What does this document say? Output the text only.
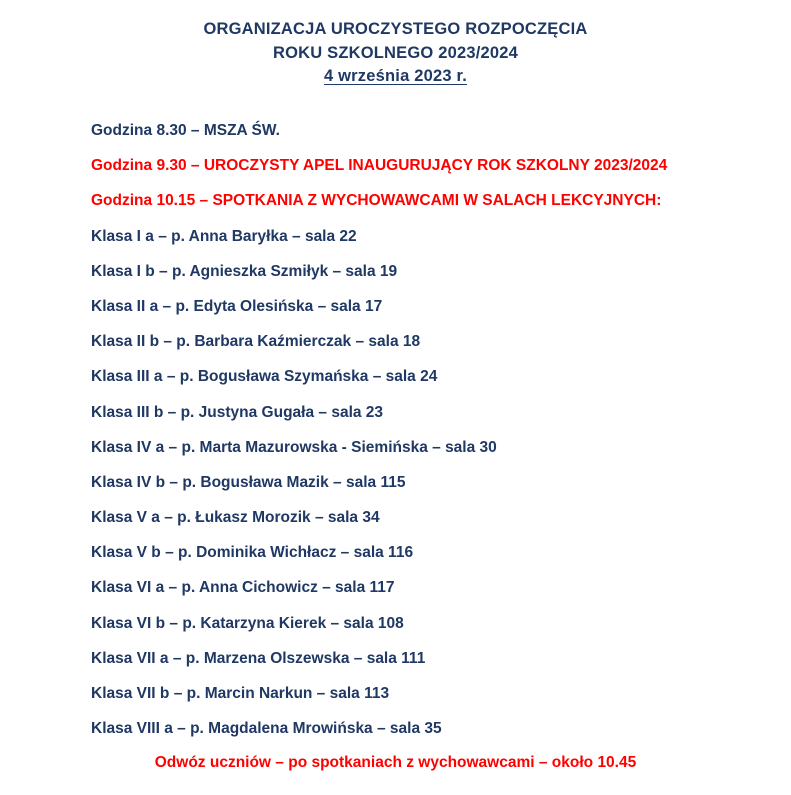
ORGANIZACJA UROCZYSTEGO ROZPOCZĘCIA
ROKU SZKOLNEGO 2023/2024
4 września 2023 r.
Godzina 8.30 – MSZA ŚW.
Godzina 9.30 – UROCZYSTY APEL INAUGURUJĄCY ROK SZKOLNY 2023/2024
Godzina 10.15 – SPOTKANIA Z WYCHOWAWCAMI W SALACH LEKCYJNYCH:
Klasa I a – p. Anna Baryłka – sala 22
Klasa I b – p. Agnieszka Szmiłyk – sala 19
Klasa II a – p. Edyta Olesińska – sala 17
Klasa II b – p. Barbara Kaźmierczak – sala 18
Klasa III a – p. Bogusława Szymańska – sala 24
Klasa III b – p. Justyna Gugała – sala 23
Klasa IV a – p. Marta Mazurowska - Siemińska – sala 30
Klasa IV b – p. Bogusława Mazik – sala 115
Klasa V a – p. Łukasz Morozik – sala 34
Klasa V b – p. Dominika Wichłacz – sala 116
Klasa VI a – p. Anna Cichowicz – sala 117
Klasa VI b – p. Katarzyna Kierek – sala 108
Klasa VII a – p. Marzena Olszewska – sala 111
Klasa VII b – p. Marcin Narkun – sala 113
Klasa VIII a – p. Magdalena Mrowińska – sala 35
Odwóz uczniów – po spotkaniach z wychowawcami – około 10.45
